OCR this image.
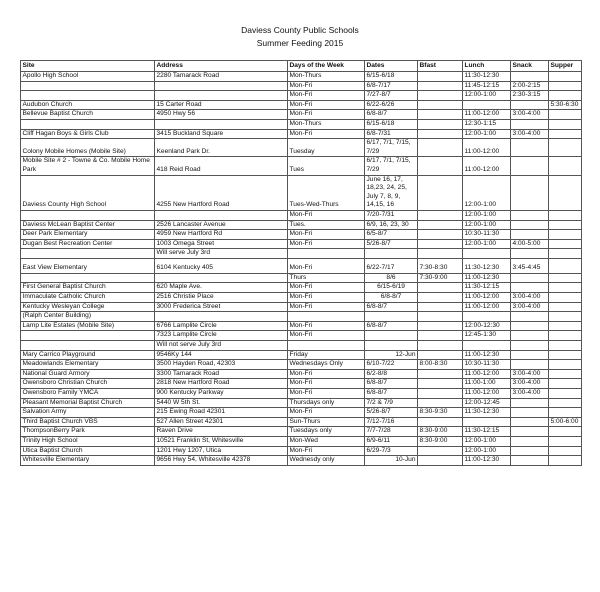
Daviess County Public Schools
Summer Feeding 2015
Site	Address	Days of the Week	Dates	Bfast	Lunch	Snack	Supper
Apollo High School	2280 Tamarack Road	Mon-Thurs	6/15-6/18		11:30-12:30		
		Mon-Fri	6/8-7/17		11:45-12:15	2:00-2:15	
		Mon-Fri	7/27-8/7		12:00-1:00	2:30-3:15	
Audubon Church	15 Carter Road	Mon-Fri	6/22-6/26				5:30-6:30
Bellevue Baptist Church	4950 Hwy 56	Mon-Fri	6/8-8/7		11:00-12:00	3:00-4:00	
		Mon-Thurs	6/15-6/18		12:30-1:15		
Cliff Hagan Boys & Girls Club	3415 Buckland Square	Mon-Fri	6/8-7/31		12:00-1:00	3:00-4:00	
Colony Mobile Homes (Mobile Site)	Keenland Park Dr.	Tuesday	6/17, 7/1, 7/15, 7/29		11:00-12:00		
Mobile Site # 2 - Towne & Co. Mobile Home Park	418 Reid Road	Tues	6/17, 7/1, 7/15, 7/29		11:00-12:00		
Daviess County High School	4255 New Hartford Road	Tues-Wed-Thurs	June 16, 17, 18,23, 24, 25, July 7, 8, 9, 14,15, 16		12:00-1:00		
		Mon-Fri	7/20-7/31		12:00-1:00		
Daviess McLean Baptist Center	2526 Lancaster Avenue	Tues.	6/9, 16, 23, 30		12:00-1:00		
Deer Park Elementary	4959 New Hartford Rd	Mon-Fri	6/5-8/7		10:30-11:30		
Dugan Best Recreation Center	1003 Omega Street	Mon-Fri	5/26-8/7		12:00-1:00	4:00-5:00	
	Will serve July 3rd						
East View Elementary	6104 Kentucky 405	Mon-Fri	6/22-7/17	7:30-8:30	11:30-12:30	3:45-4:45	
		Thurs	8/6	7:30-9:00	11:00-12:30		
First General Baptist Church	620 Maple Ave.	Mon-Fri	6/15-6/19		11:30-12:15		
Immaculate Catholic Church	2516 Christie Place	Mon-Fri	6/8-8/7		11:00-12:00	3:00-4:00	
Kentucky Wesleyan College	3000 Frederica Street	Mon-Fri	6/8-8/7		11:00-12:00	3:00-4:00	
(Ralph Center Building)							
Lamp Lite Estates (Mobile Site)	6766 Lamplite Circle	Mon-Fri	6/8-8/7		12:00-12:30		
	7323 Lamplite Circle	Mon-Fri			12:45-1:30		
	Will not serve July 3rd						
Mary Carrico Playground	9546Ky 144	Friday	12-Jun		11:00-12:30		
Meadowlands Elementary	3500 Hayden Road, 42303	Wednesdays Only	6/10-7/22	8:00-8:30	10:30-11:30		
National Guard Armory	3300 Tamarack Road	Mon-Fri	6/2-8/8		11:00-12:00	3:00-4:00	
Owensboro Christian Church	2818 New Hartford Road	Mon-Fri	6/8-8/7		11:00-1:00	3:00-4:00	
Owensboro Family YMCA	900 Kentucky Parkway	Mon-Fri	6/8-8/7		11:00-12:00	3:00-4:00	
Pleasant Memorial Baptist Church	5440 W 5th St.	Thursdays only	7/2 & 7/9		12:00-12:45		
Salvation Army	215 Ewing Road 42301	Mon-Fri	5/26-8/7	8:30-9:30	11:30-12:30		
Third Baptist Church VBS	527 Allen Street 42301	Sun-Thurs	7/12-7/16				5:00-6:00
ThompsonBerry Park	Raven Drive	Tuesdays only	7/7-7/28	8:30-9:00	11:30-12:15		
Trinity High School	10521 Franklin St, Whitesville	Mon-Wed	6/9-6/11	8:30-9:00	12:00-1:00		
Utica Baptist Church	1201 Hwy 1207, Utica	Mon-Fri	6/29-7/3		12:00-1:00		
Whitesville Elementary	9656 Hwy 54, Whitesville 42378	Wednesdy only	10-Jun		11:00-12:30		
